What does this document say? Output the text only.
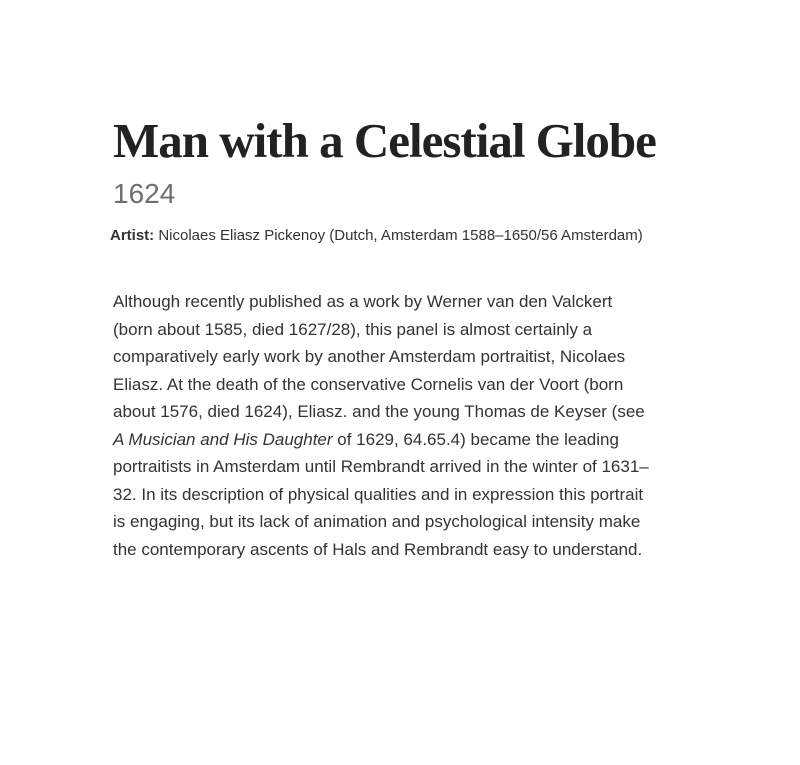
Man with a Celestial Globe
1624
Artist: Nicolaes Eliasz Pickenoy (Dutch, Amsterdam 1588–1650/56 Amsterdam)

Although recently published as a work by Werner van den Valckert (born about 1585, died 1627/28), this panel is almost certainly a comparatively early work by another Amsterdam portraitist, Nicolaes Eliasz. At the death of the conservative Cornelis van der Voort (born about 1576, died 1624), Eliasz. and the young Thomas de Keyser (see A Musician and His Daughter of 1629, 64.65.4) became the leading portraitists in Amsterdam until Rembrandt arrived in the winter of 1631–32. In its description of physical qualities and in expression this portrait is engaging, but its lack of animation and psychological intensity make the contemporary ascents of Hals and Rembrandt easy to understand.
